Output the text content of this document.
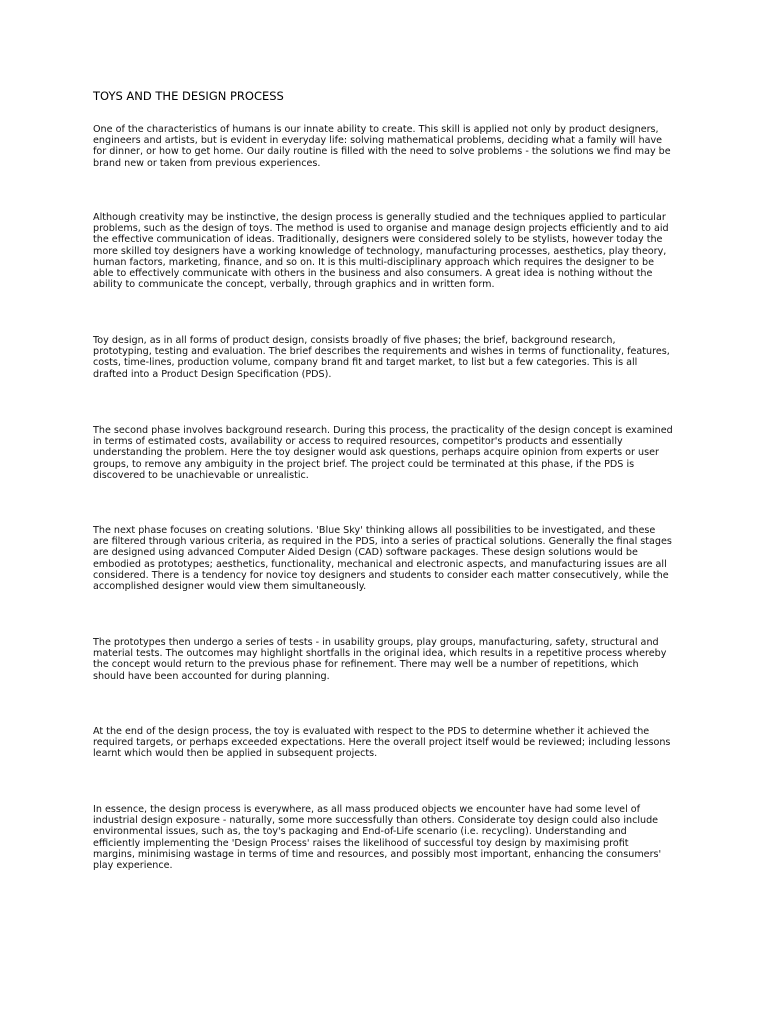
TOYS AND THE DESIGN PROCESS

One of the characteristics of humans is our innate ability to create. This skill is applied not only by product designers, engineers and artists, but is evident in everyday life: solving mathematical problems, deciding what a family will have for dinner, or how to get home. Our daily routine is filled with the need to solve problems - the solutions we find may be brand new or taken from previous experiences.

Although creativity may be instinctive, the design process is generally studied and the techniques applied to particular problems, such as the design of toys. The method is used to organise and manage design projects efficiently and to aid the effective communication of ideas. Traditionally, designers were considered solely to be stylists, however today the more skilled toy designers have a working knowledge of technology, manufacturing processes, aesthetics, play theory, human factors, marketing, finance, and so on. It is this multi-disciplinary approach which requires the designer to be able to effectively communicate with others in the business and also consumers. A great idea is nothing without the ability to communicate the concept, verbally, through graphics and in written form.

Toy design, as in all forms of product design, consists broadly of five phases; the brief, background research, prototyping, testing and evaluation. The brief describes the requirements and wishes in terms of functionality, features, costs, time-lines, production volume, company brand fit and target market, to list but a few categories. This is all drafted into a Product Design Specification (PDS).

The second phase involves background research. During this process, the practicality of the design concept is examined in terms of estimated costs, availability or access to required resources, competitor's products and essentially understanding the problem. Here the toy designer would ask questions, perhaps acquire opinion from experts or user groups, to remove any ambiguity in the project brief. The project could be terminated at this phase, if the PDS is discovered to be unachievable or unrealistic.

The next phase focuses on creating solutions. 'Blue Sky' thinking allows all possibilities to be investigated, and these are filtered through various criteria, as required in the PDS, into a series of practical solutions. Generally the final stages are designed using advanced Computer Aided Design (CAD) software packages. These design solutions would be embodied as prototypes; aesthetics, functionality, mechanical and electronic aspects, and manufacturing issues are all considered. There is a tendency for novice toy designers and students to consider each matter consecutively, while the accomplished designer would view them simultaneously.

The prototypes then undergo a series of tests - in usability groups, play groups, manufacturing, safety, structural and material tests. The outcomes may highlight shortfalls in the original idea, which results in a repetitive process whereby the concept would return to the previous phase for refinement. There may well be a number of repetitions, which should have been accounted for during planning.

At the end of the design process, the toy is evaluated with respect to the PDS to determine whether it achieved the required targets, or perhaps exceeded expectations. Here the overall project itself would be reviewed; including lessons learnt which would then be applied in subsequent projects.

In essence, the design process is everywhere, as all mass produced objects we encounter have had some level of industrial design exposure - naturally, some more successfully than others. Considerate toy design could also include environmental issues, such as, the toy's packaging and End-of-Life scenario (i.e. recycling). Understanding and efficiently implementing the 'Design Process' raises the likelihood of successful toy design by maximising profit margins, minimising wastage in terms of time and resources, and possibly most important, enhancing the consumers' play experience.
